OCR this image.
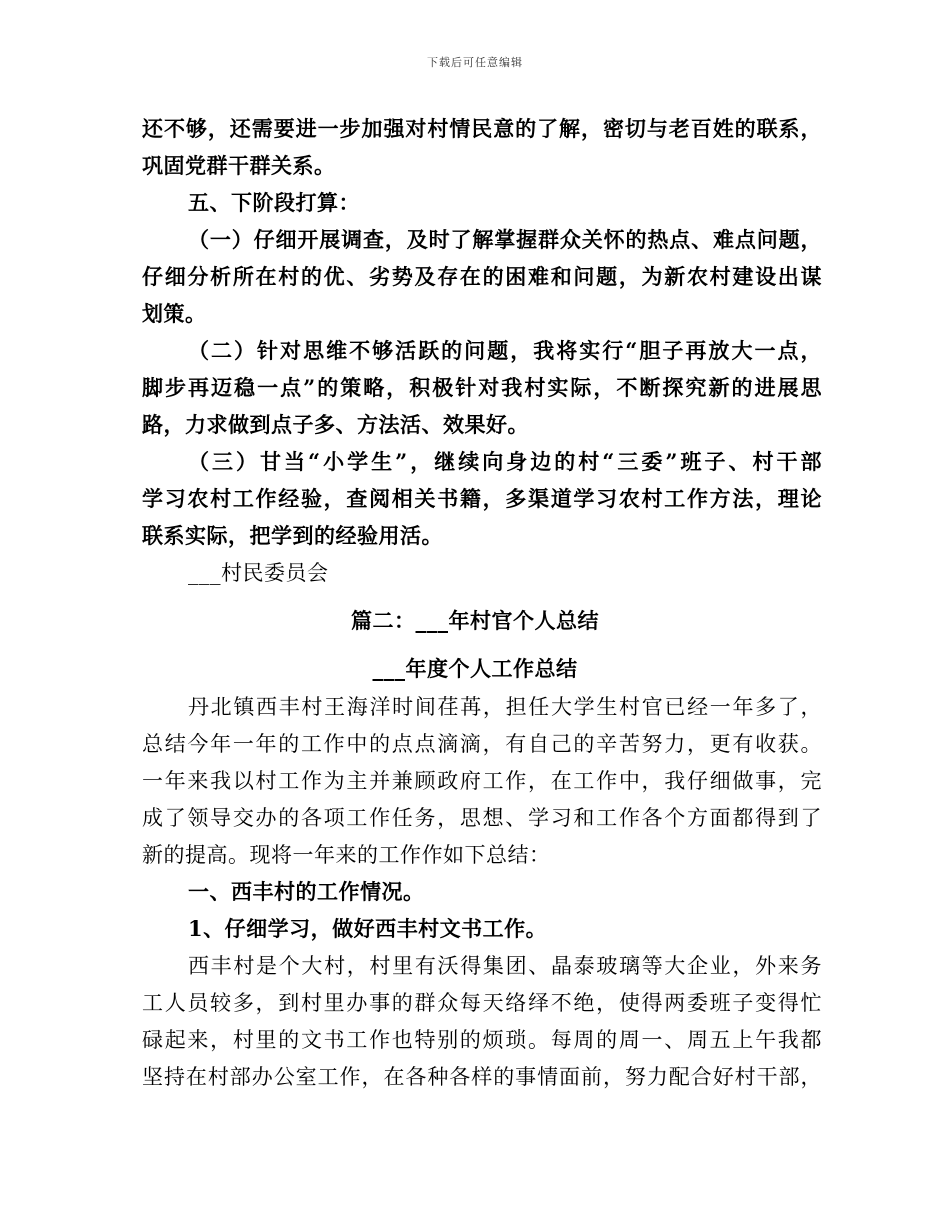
下载后可任意编辑
还不够，还需要进一步加强对村情民意的了解，密切与老百姓的联系，
巩固党群干群关系。
五、下阶段打算：
（一）仔细开展调查，及时了解掌握群众关怀的热点、难点问题，
仔细分析所在村的优、劣势及存在的困难和问题，为新农村建设出谋
划策。
（二）针对思维不够活跃的问题，我将实行“胆子再放大一点，
脚步再迈稳一点”的策略，积极针对我村实际，不断探究新的进展思
路，力求做到点子多、方法活、效果好。
（三）甘当“小学生”，继续向身边的村“三委”班子、村干部
学习农村工作经验，查阅相关书籍，多渠道学习农村工作方法，理论
联系实际，把学到的经验用活。
___村民委员会
篇二：___年村官个人总结
___年度个人工作总结
丹北镇西丰村王海洋时间荏苒，担任大学生村官已经一年多了，
总结今年一年的工作中的点点滴滴，有自己的辛苦努力，更有收获。
一年来我以村工作为主并兼顾政府工作，在工作中，我仔细做事，完
成了领导交办的各项工作任务，思想、学习和工作各个方面都得到了
新的提高。现将一年来的工作作如下总结：
一、西丰村的工作情况。
1、仔细学习，做好西丰村文书工作。
西丰村是个大村，村里有沃得集团、晶泰玻璃等大企业，外来务
工人员较多，到村里办事的群众每天络绎不绝，使得两委班子变得忙
碌起来，村里的文书工作也特别的烦琐。每周的周一、周五上午我都
坚持在村部办公室工作，在各种各样的事情面前，努力配合好村干部，
